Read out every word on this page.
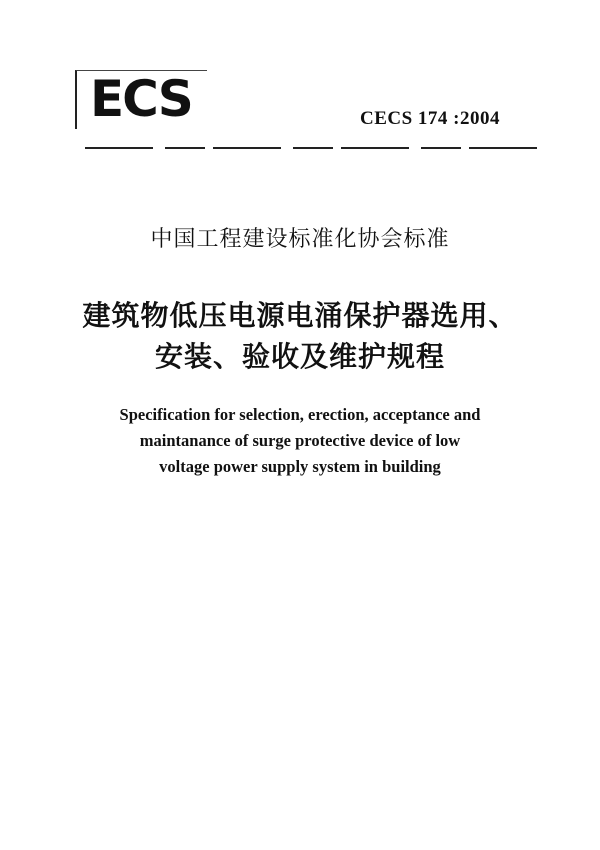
ECS	CECS 174 :2004
中国工程建设标准化协会标准
建筑物低压电源电涌保护器选用、
安装、验收及维护规程
Specification for selection, erection, acceptance and
maintanance of surge protective device of low
voltage power supply system in building
